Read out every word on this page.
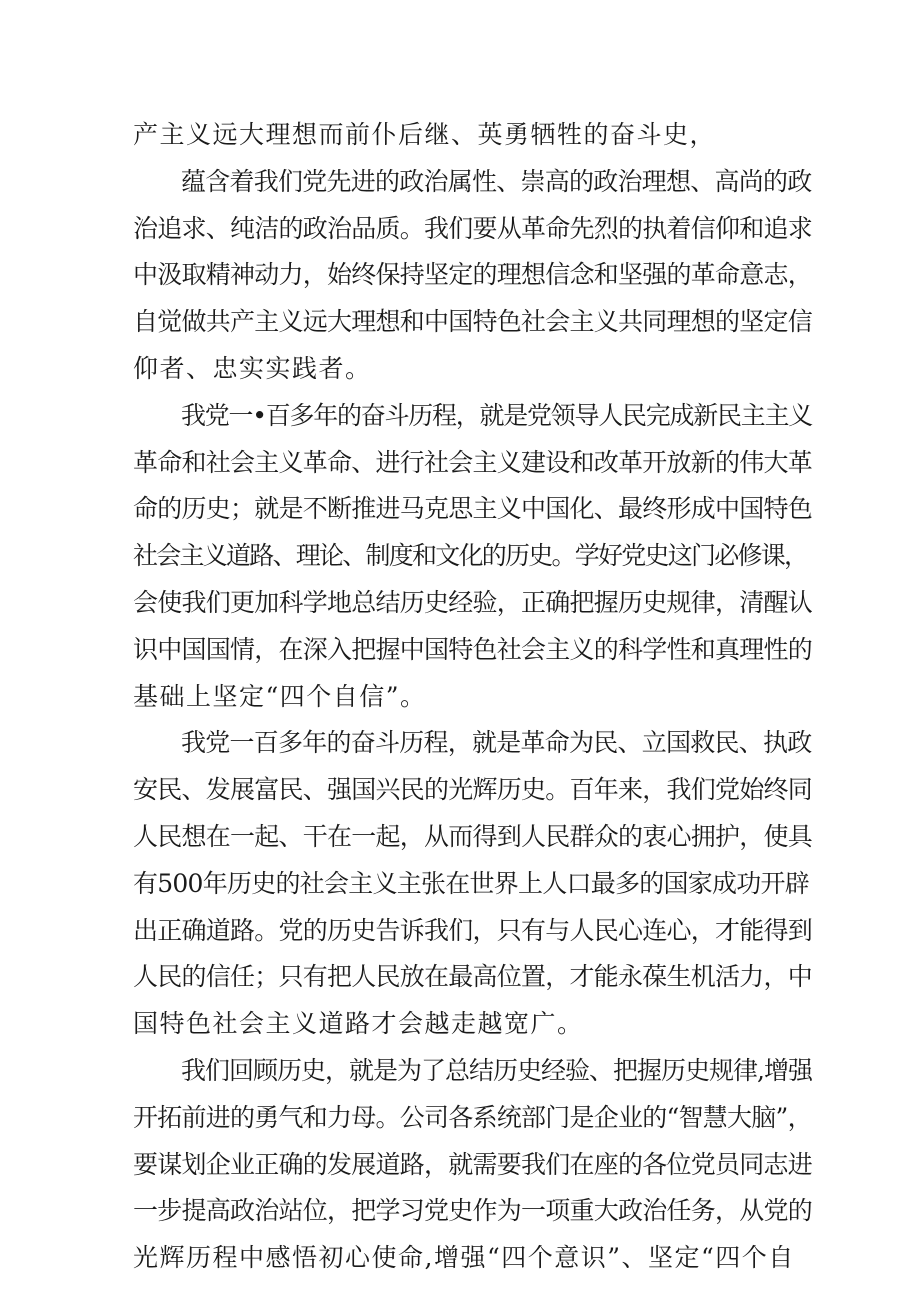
产主义远大理想而前仆后继、英勇牺牲的奋斗史，
蕴含着我们党先进的政治属性、崇高的政治理想、高尚的政
治追求、纯洁的政治品质。我们要从革命先烈的执着信仰和追求
中汲取精神动力，始终保持坚定的理想信念和坚强的革命意志，
自觉做共产主义远大理想和中国特色社会主义共同理想的坚定信
仰者、忠实实践者。
我党一•百多年的奋斗历程，就是党领导人民完成新民主主义
革命和社会主义革命、进行社会主义建设和改革开放新的伟大革
命的历史；就是不断推进马克思主义中国化、最终形成中国特色
社会主义道路、理论、制度和文化的历史。学好党史这门必修课，
会使我们更加科学地总结历史经验，正确把握历史规律，清醒认
识中国国情，在深入把握中国特色社会主义的科学性和真理性的
基础上坚定“四个自信”。
我党一百多年的奋斗历程，就是革命为民、立国救民、执政
安民、发展富民、强国兴民的光辉历史。百年来，我们党始终同
人民想在一起、干在一起，从而得到人民群众的衷心拥护，使具
有500年历史的社会主义主张在世界上人口最多的国家成功开辟
出正确道路。党的历史告诉我们，只有与人民心连心，才能得到
人民的信任；只有把人民放在最高位置，才能永葆生机活力，中
国特色社会主义道路才会越走越宽广。
我们回顾历史，就是为了总结历史经验、把握历史规律,增强
开拓前进的勇气和力母。公司各系统部门是企业的“智慧大脑”，
要谋划企业正确的发展道路，就需要我们在座的各位党员同志进
一步提高政治站位，把学习党史作为一项重大政治任务，从党的
光辉历程中感悟初心使命,增强“四个意识”、坚定“四个自
